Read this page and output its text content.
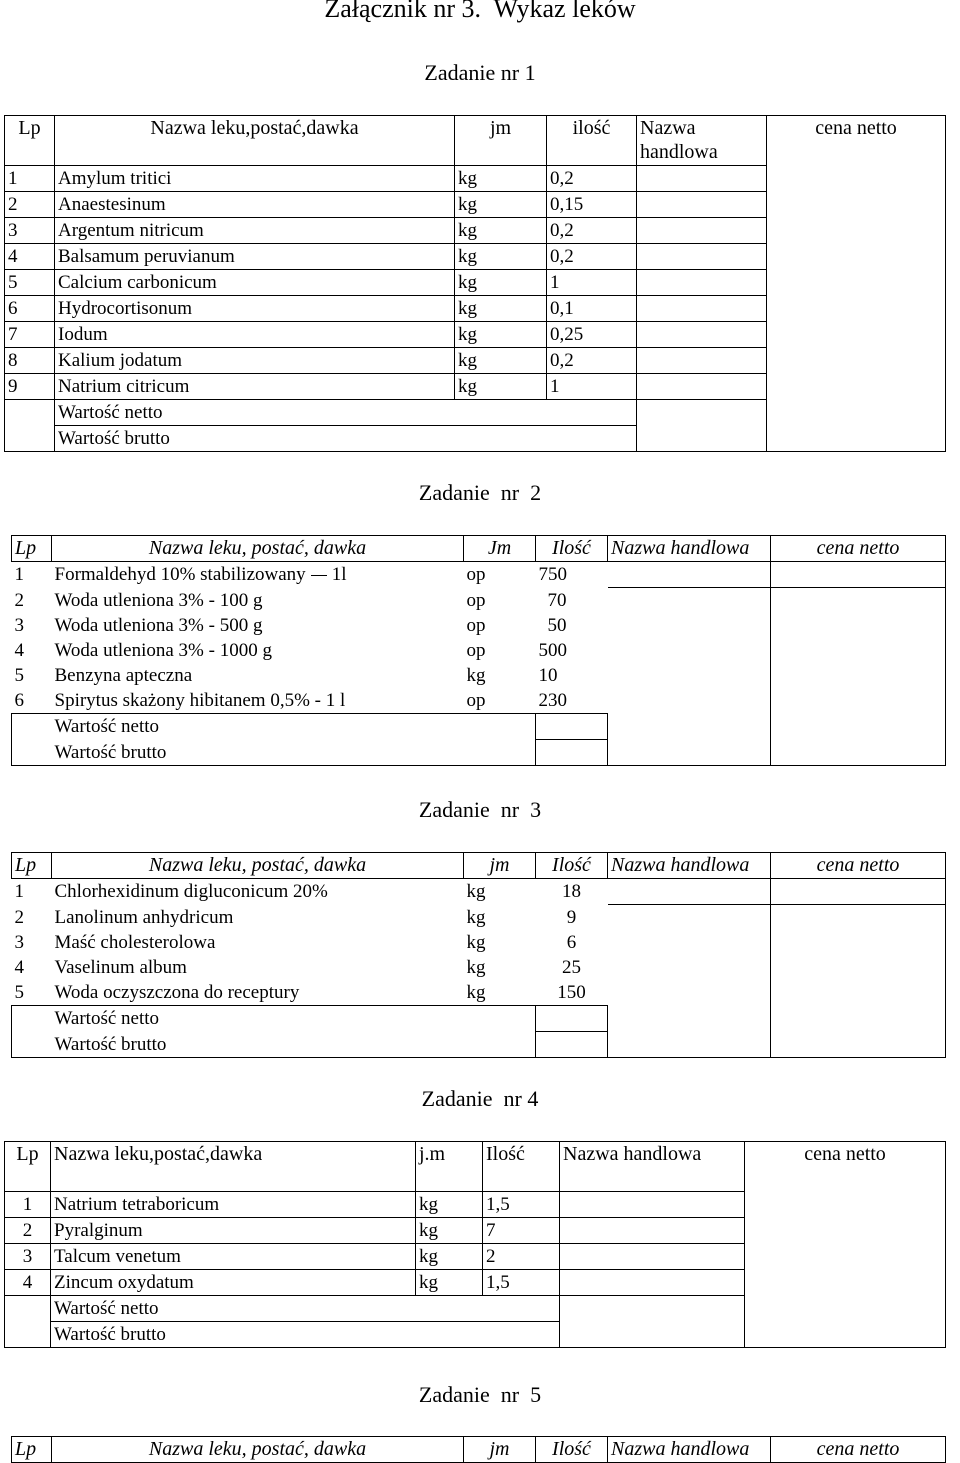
Załącznik nr 3.  Wykaz leków
Zadanie nr 1
Lp	Nazwa leku,postać,dawka	jm	ilość	Nazwa handlowa	cena netto
1	Amylum tritici	kg	0,2		
2	Anaestesinum	kg	0,15		
3	Argentum nitricum	kg	0,2		
4	Balsamum peruvianum	kg	0,2		
5	Calcium carbonicum	kg	1		
6	Hydrocortisonum	kg	0,1		
7	Iodum	kg	0,25		
8	Kalium jodatum	kg	0,2		
9	Natrium citricum	kg	1		
	Wartość netto				
	Wartość brutto				
Zadanie  nr  2
Lp	Nazwa leku, postać, dawka	Jm	Ilość	Nazwa handlowa	cena netto
1	Formaldehyd 10% stabilizowany 1l	op	750		
2	Woda utleniona 3% - 100 g	op	70		
3	Woda utleniona 3% - 500 g	op	50		
4	Woda utleniona 3% - 1000 g	op	500		
5	Benzyna apteczna	kg	10		
6	Spirytus skażony hibitanem 0,5% - 1 l	op	230		
	Wartość netto				
	Wartość brutto				
Zadanie  nr  3
Lp	Nazwa leku, postać, dawka	jm	Ilość	Nazwa handlowa	cena netto
1	Chlorhexidinum digluconicum 20%	kg	18		
2	Lanolinum anhydricum	kg	9		
3	Maść cholesterolowa	kg	6		
4	Vaselinum album	kg	25		
5	Woda oczyszczona do receptury	kg	150		
	Wartość netto				
	Wartość brutto				
Zadanie  nr 4
Lp	Nazwa leku,postać,dawka	j.m	Ilość	Nazwa handlowa	cena netto
1	Natrium tetraboricum	kg	1,5		
2	Pyralginum	kg	7		
3	Talcum venetum	kg	2		
4	Zincum oxydatum	kg	1,5		
	Wartość netto				
	Wartość brutto				
Zadanie  nr  5
Lp	Nazwa leku, postać, dawka	jm	Ilość	Nazwa handlowa	cena netto
